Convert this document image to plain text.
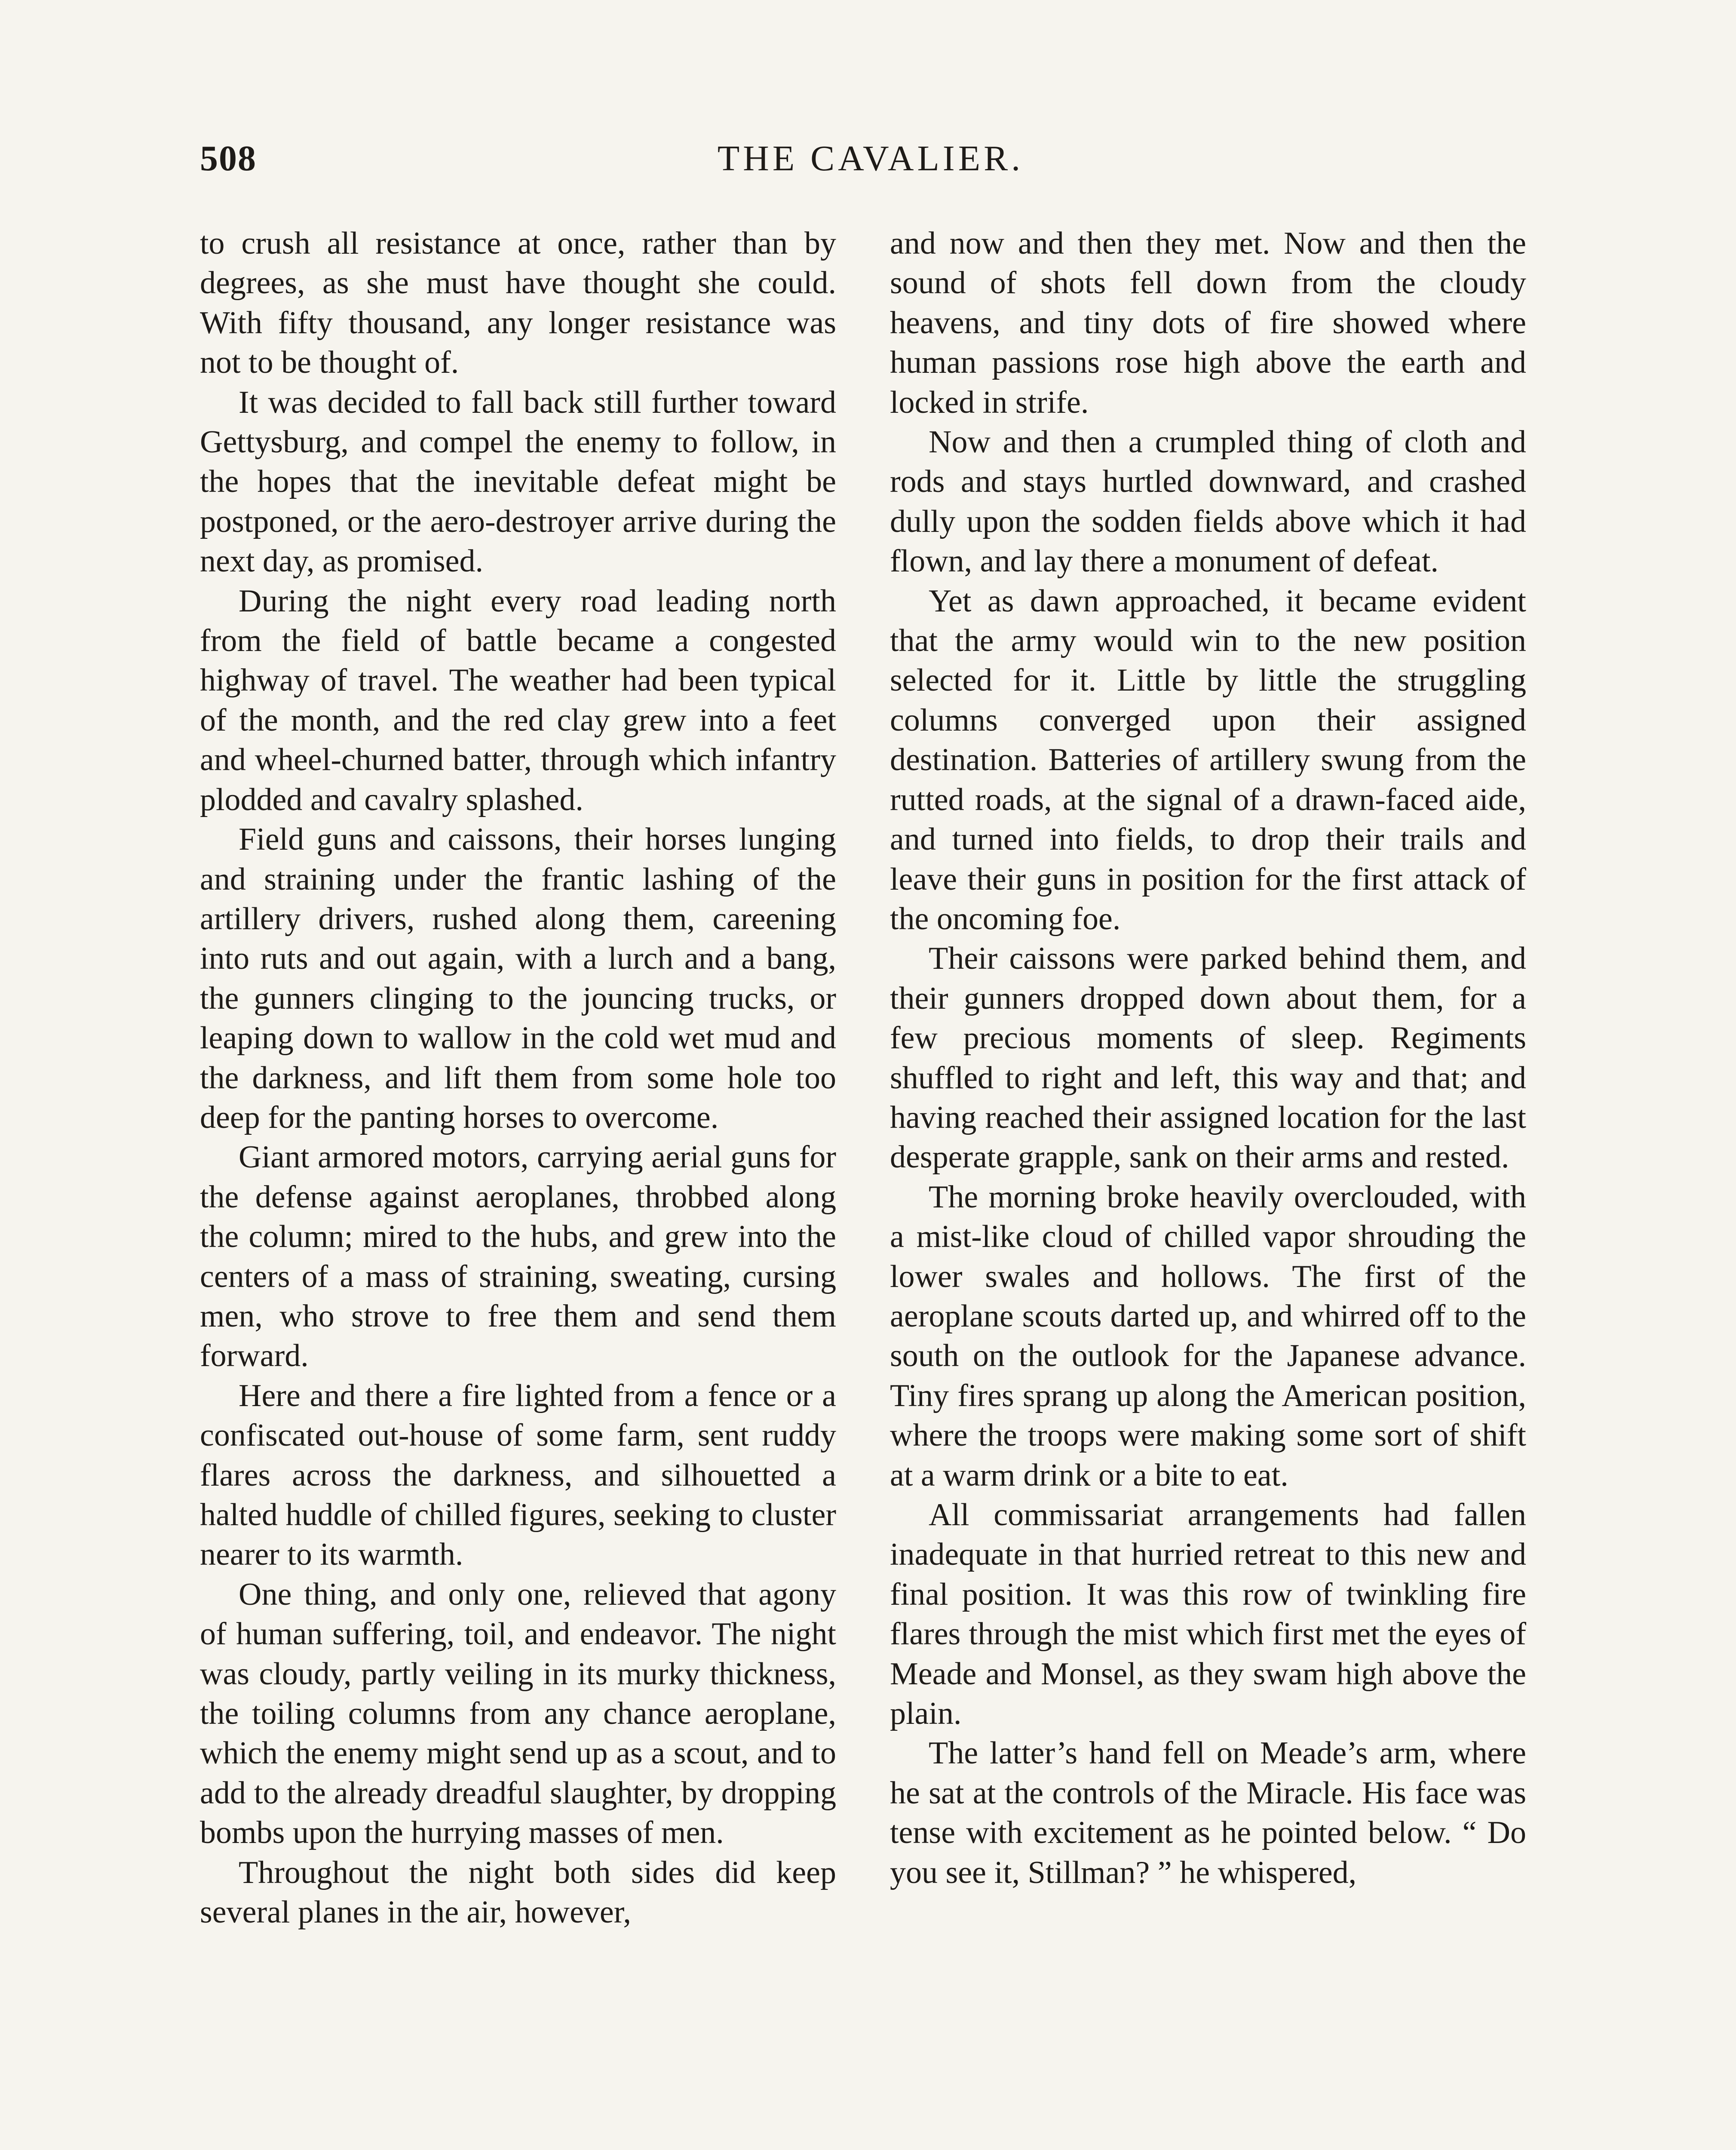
508	THE CAVALIER.

to crush all resistance at once, rather than by degrees, as she must have thought she could. With fifty thousand, any longer resistance was not to be thought of.

It was decided to fall back still further toward Gettysburg, and compel the enemy to follow, in the hopes that the inevitable defeat might be postponed, or the aero-destroyer arrive during the next day, as promised.

During the night every road leading north from the field of battle became a congested highway of travel. The weather had been typical of the month, and the red clay grew into a feet and wheel-churned batter, through which infantry plodded and cavalry splashed.

Field guns and caissons, their horses lunging and straining under the frantic lashing of the artillery drivers, rushed along them, careening into ruts and out again, with a lurch and a bang, the gunners clinging to the jouncing trucks, or leaping down to wallow in the cold wet mud and the darkness, and lift them from some hole too deep for the panting horses to overcome.

Giant armored motors, carrying aerial guns for the defense against aeroplanes, throbbed along the column; mired to the hubs, and grew into the centers of a mass of straining, sweating, cursing men, who strove to free them and send them forward.

Here and there a fire lighted from a fence or a confiscated out-house of some farm, sent ruddy flares across the darkness, and silhouetted a halted huddle of chilled figures, seeking to cluster nearer to its warmth.

One thing, and only one, relieved that agony of human suffering, toil, and endeavor. The night was cloudy, partly veiling in its murky thickness, the toiling columns from any chance aeroplane, which the enemy might send up as a scout, and to add to the already dreadful slaughter, by dropping bombs upon the hurrying masses of men.

Throughout the night both sides did keep several planes in the air, however,

and now and then they met. Now and then the sound of shots fell down from the cloudy heavens, and tiny dots of fire showed where human passions rose high above the earth and locked in strife.

Now and then a crumpled thing of cloth and rods and stays hurtled downward, and crashed dully upon the sodden fields above which it had flown, and lay there a monument of defeat.

Yet as dawn approached, it became evident that the army would win to the new position selected for it. Little by little the struggling columns converged upon their assigned destination. Batteries of artillery swung from the rutted roads, at the signal of a drawn-faced aide, and turned into fields, to drop their trails and leave their guns in position for the first attack of the oncoming foe.

Their caissons were parked behind them, and their gunners dropped down about them, for a few precious moments of sleep. Regiments shuffled to right and left, this way and that; and having reached their assigned location for the last desperate grapple, sank on their arms and rested.

The morning broke heavily overclouded, with a mist-like cloud of chilled vapor shrouding the lower swales and hollows. The first of the aeroplane scouts darted up, and whirred off to the south on the outlook for the Japanese advance. Tiny fires sprang up along the American position, where the troops were making some sort of shift at a warm drink or a bite to eat.

All commissariat arrangements had fallen inadequate in that hurried retreat to this new and final position. It was this row of twinkling fire flares through the mist which first met the eyes of Meade and Monsel, as they swam high above the plain.

The latter’s hand fell on Meade’s arm, where he sat at the controls of the Miracle. His face was tense with excitement as he pointed below. “ Do you see it, Stillman? ” he whispered,
